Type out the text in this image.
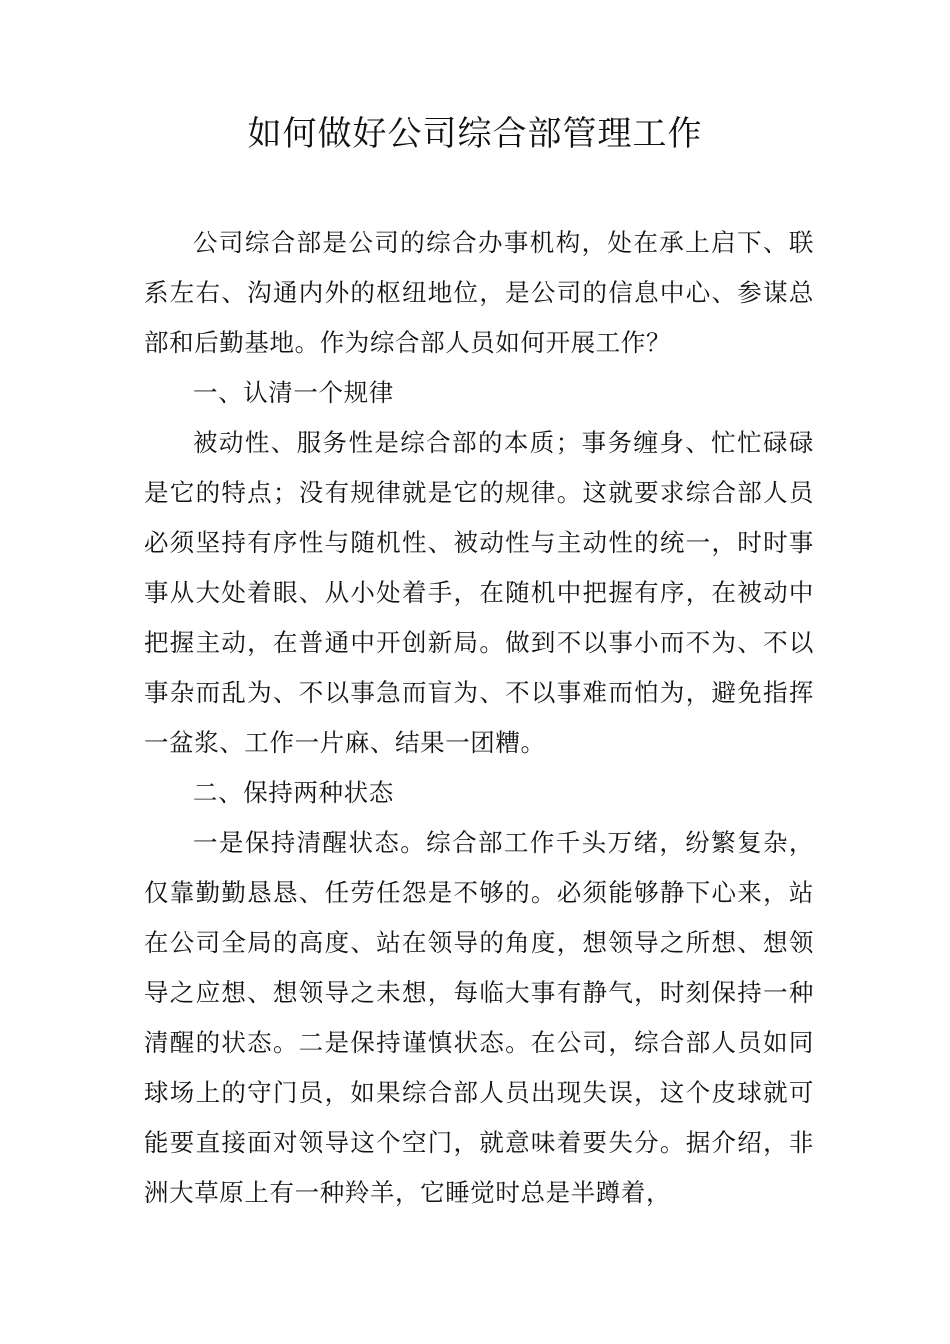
如何做好公司综合部管理工作

公司综合部是公司的综合办事机构，处在承上启下、联系左右、沟通内外的枢纽地位，是公司的信息中心、参谋总部和后勤基地。作为综合部人员如何开展工作？

一、认清一个规律

被动性、服务性是综合部的本质；事务缠身、忙忙碌碌是它的特点；没有规律就是它的规律。这就要求综合部人员必须坚持有序性与随机性、被动性与主动性的统一，时时事事从大处着眼、从小处着手，在随机中把握有序，在被动中把握主动，在普通中开创新局。做到不以事小而不为、不以事杂而乱为、不以事急而盲为、不以事难而怕为，避免指挥一盆浆、工作一片麻、结果一团糟。

二、保持两种状态

一是保持清醒状态。综合部工作千头万绪，纷繁复杂，仅靠勤勤恳恳、任劳任怨是不够的。必须能够静下心来，站在公司全局的高度、站在领导的角度，想领导之所想、想领导之应想、想领导之未想，每临大事有静气，时刻保持一种清醒的状态。二是保持谨慎状态。在公司，综合部人员如同球场上的守门员，如果综合部人员出现失误，这个皮球就可能要直接面对领导这个空门，就意味着要失分。据介绍，非洲大草原上有一种羚羊，它睡觉时总是半蹲着，
